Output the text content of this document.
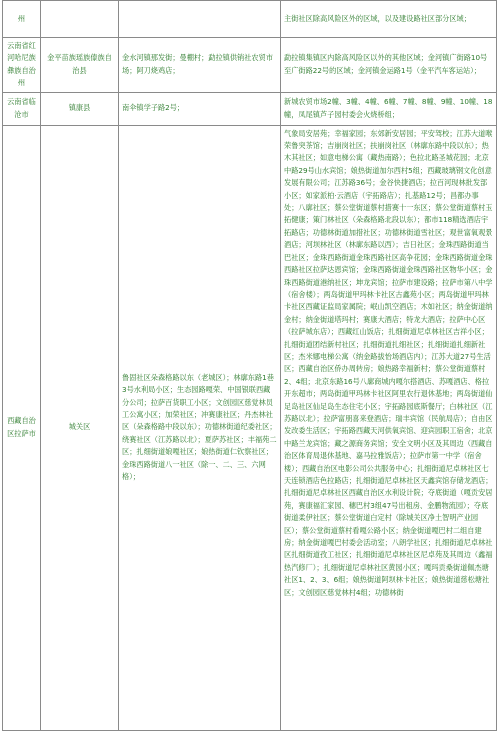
州			主街社区除高风险区外的区域，以及建设路社区部分区域；
云南省红河哈尼族彝族自治州	金平苗族瑶族傣族自治县	金水河镇那发街；曼棚村；勐拉镇供销社农贸市场；阿刀烧鸡店；	勐拉镇集镇区内除高风险区以外的其他区域；金河镇广街路10号至广街路22号的区域；金河镇金运路1号（金平汽车客运站）；
云南省临沧市	镇康县	南伞镇学子路2号；	新城农贸市场2幢、3幢、4幢、6幢、7幢、8幢、9幢、10幢、18幢，凤尾镇芦子园村委会火烧桥组；
西藏自治区拉萨市	城关区	鲁固社区朵森格路以东（老城区）；林廓东路1巷3号水利局小区；生态园路嘎荣、中国银联西藏分公司；拉萨百货职工小区；文创园区慈觉林员工公寓小区；加荣社区；冲赛康社区；丹杰林社区（朵森格路中段以东）；功德林街道纪委社区；绕赛社区（江苏路以北）；夏萨苏社区；丰福苑二区；扎细街道娘嘎社区；娘热街道仁钦察社区；金珠西路街道八一社区（除一、二、三、六网格）；	气象局安居苑；幸福家园；东郊新安居园；平安驾校；江苏大道喉荣鲁突茶馆；吉崩岗社区；扶崩岗社区（林廓东路中段以东）；热木其社区；如意电梯公寓（藏热南路）；色拉北路圣城花园；北京中路29号山水宾馆；娘热街道加尔西村5组；西藏玻璃钢文化创意发展有限公司；江苏路36号；金谷快捷酒店；拉百河现林批发部小区；如家派柏·云酒店（宇拓路店）；扎基路12号；昌都办事处；八廓社区；蔡公堂街道蔡村措赛十一东区；蔡公堂街道蔡村玉拓健康；策门林社区（朵森格路北段以东）；都市118精选酒店宇拓路店；功德林街道加措社区；功德林街道雪社区；观世富氧观景酒店；河坝林社区（林廓东路以西）；吉日社区；金珠西路街道当巴社区；金珠西路街道金珠西路社区高争花园；金珠西路街道金珠西路社区拉萨达恩宾馆；金珠西路街道金珠西路社区物华小区；金珠西路街道港纳社区；坤龙宾馆；拉萨市建设路；拉萨市第八中学（宿舍楼）；两岛街道甲玛林卡社区古鑫苑小区；两岛街道甲玛林卡社区西藏证监局家属院；岷山凯空酒店；木如社区；纳金街道纳金村；纳金街道塔玛村；赛康大酒店；特龙大酒店；拉萨中心区（拉萨城东店）；西藏红山饭店；扎细街道尼卓林社区吉祥小区；扎细街道团结新村社区；扎细街道扎细社区；扎细街道扎细新社区；杰米娜电梯公寓（纳金路拔怡场酒店内）；江苏大道27号生活区；西藏自治区侨办周转房；娘热路幸福新村；蔡公堂街道蔡村2、4组；北京东路16号八廓商城内嘎尔搭酒店、苏嘎酒店、格拉开东超市；两岛街道甲玛林卡社区阿里农行退休基地；两岛街道仙足岛社区仙足岛生态住宅小区；宇拓路园底斯餐厅；白林社区（江苏路以北）；拉萨富朋喜来登酒店；瑞丰宾馆（民航局店）；自由区发改委生活区；宇拓路西藏天河供氧宾馆、迎宾园职工宿舍；北京中路兰龙宾馆；藏之源商务宾馆；安全文明小区及其周边（西藏自治区体育局退休基地、嘉马拉雅饭店）；拉萨市第一中学（宿舍楼）；西藏自治区电影公司公共服务中心；扎细街道尼卓林社区七天连锁酒店色拉路店；扎细街道尼卓林社区天鑫宾馆存储龙酒店；扎细街道尼卓林社区西藏自治区水利设计院；夺底街道（嘎贡安居苑，赛康福汇家园、穗巴村3组47号出租房、金鹏物流园）；夺底街道柔伊社区；蔡公堂街道白定村（除城关区净土智明产业园区）；蔡公堂街道蔡村看嘎公路小区；纳金街道嘎巴村二组自建房；纳金街道嘎巴村委会活动室；八朗学社区；扎细街道尼卓林社区扎细街道孜工社区；扎细街道尼卓林社区尼卓苑及其周边（鑫福热汽修厂）；扎细街道尼卓林社区黄园小区；嘎玛贡桑街道佩杰塘社区1、2、3、6组；娘热街道阿坝林卡社区；娘热街道慈松塘社区；文创园区慈觉林村4组；功德林街
